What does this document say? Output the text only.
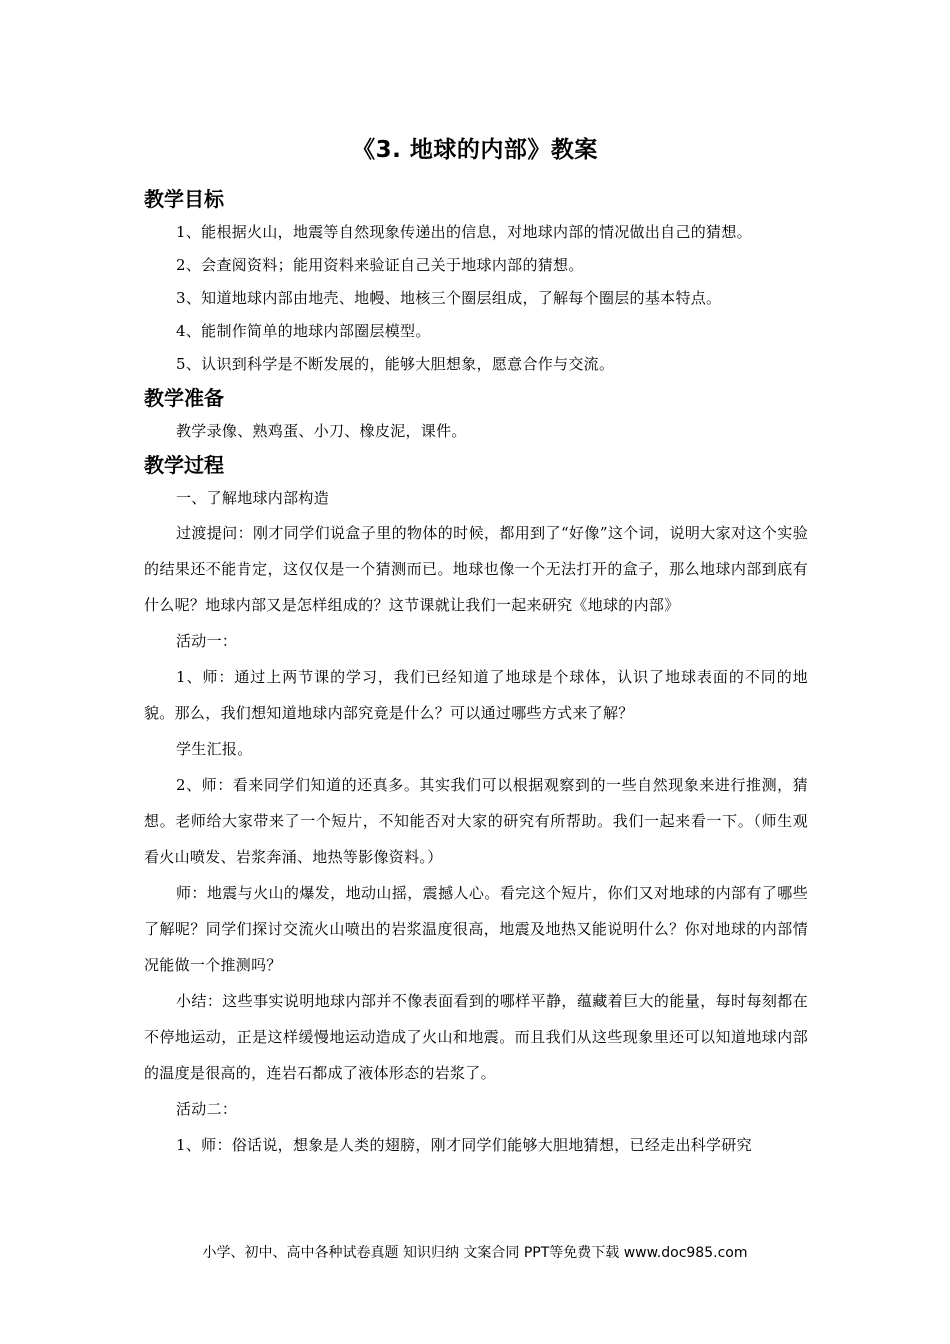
《3. 地球的内部》教案
教学目标

1、能根据火山，地震等自然现象传递出的信息，对地球内部的情况做出自己的猜想。

2、会查阅资料；能用资料来验证自己关于地球内部的猜想。

3、知道地球内部由地壳、地幔、地核三个圈层组成，了解每个圈层的基本特点。

4、能制作简单的地球内部圈层模型。

5、认识到科学是不断发展的，能够大胆想象，愿意合作与交流。

教学准备

教学录像、熟鸡蛋、小刀、橡皮泥，课件。

教学过程

一、了解地球内部构造

过渡提问：刚才同学们说盒子里的物体的时候，都用到了“好像”这个词，说明大家对这个实验的结果还不能肯定，这仅仅是一个猜测而已。地球也像一个无法打开的盒子，那么地球内部到底有什么呢？地球内部又是怎样组成的？这节课就让我们一起来研究《地球的内部》

活动一：

1、师：通过上两节课的学习，我们已经知道了地球是个球体，认识了地球表面的不同的地貌。那么，我们想知道地球内部究竟是什么？可以通过哪些方式来了解？

学生汇报。

2、师：看来同学们知道的还真多。其实我们可以根据观察到的一些自然现象来进行推测，猜想。老师给大家带来了一个短片，不知能否对大家的研究有所帮助。我们一起来看一下。（师生观看火山喷发、岩浆奔涌、地热等影像资料。）

师：地震与火山的爆发，地动山摇，震撼人心。看完这个短片，你们又对地球的内部有了哪些了解呢？同学们探讨交流火山喷出的岩浆温度很高，地震及地热又能说明什么？你对地球的内部情况能做一个推测吗？

小结：这些事实说明地球内部并不像表面看到的哪样平静，蕴藏着巨大的能量，每时每刻都在不停地运动，正是这样缓慢地运动造成了火山和地震。而且我们从这些现象里还可以知道地球内部的温度是很高的，连岩石都成了液体形态的岩浆了。

活动二：

1、师：俗话说，想象是人类的翅膀，刚才同学们能够大胆地猜想，已经走出科学研究

小学、初中、高中各种试卷真题 知识归纳 文案合同 PPT等免费下载 www.doc985.com
